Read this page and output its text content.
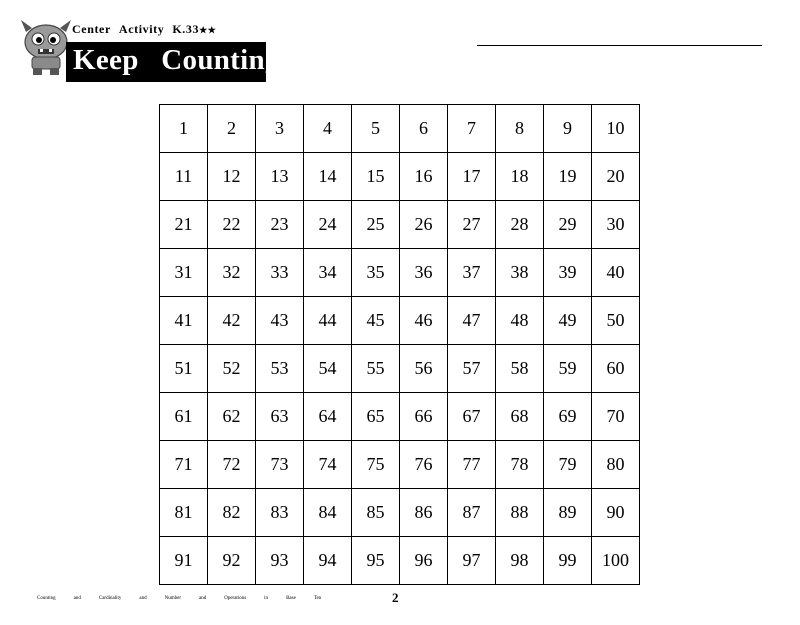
Center Activity K.33★★
Keep   Counting
1	2	3	4	5	6	7	8	9	10
11	12	13	14	15	16	17	18	19	20
21	22	23	24	25	26	27	28	29	30
31	32	33	34	35	36	37	38	39	40
41	42	43	44	45	46	47	48	49	50
51	52	53	54	55	56	57	58	59	60
61	62	63	64	65	66	67	68	69	70
71	72	73	74	75	76	77	78	79	80
81	82	83	84	85	86	87	88	89	90
91	92	93	94	95	96	97	98	99	100
Counting	and	Cardinality	and	Number	and	Operations	in	Base	Ten	2
